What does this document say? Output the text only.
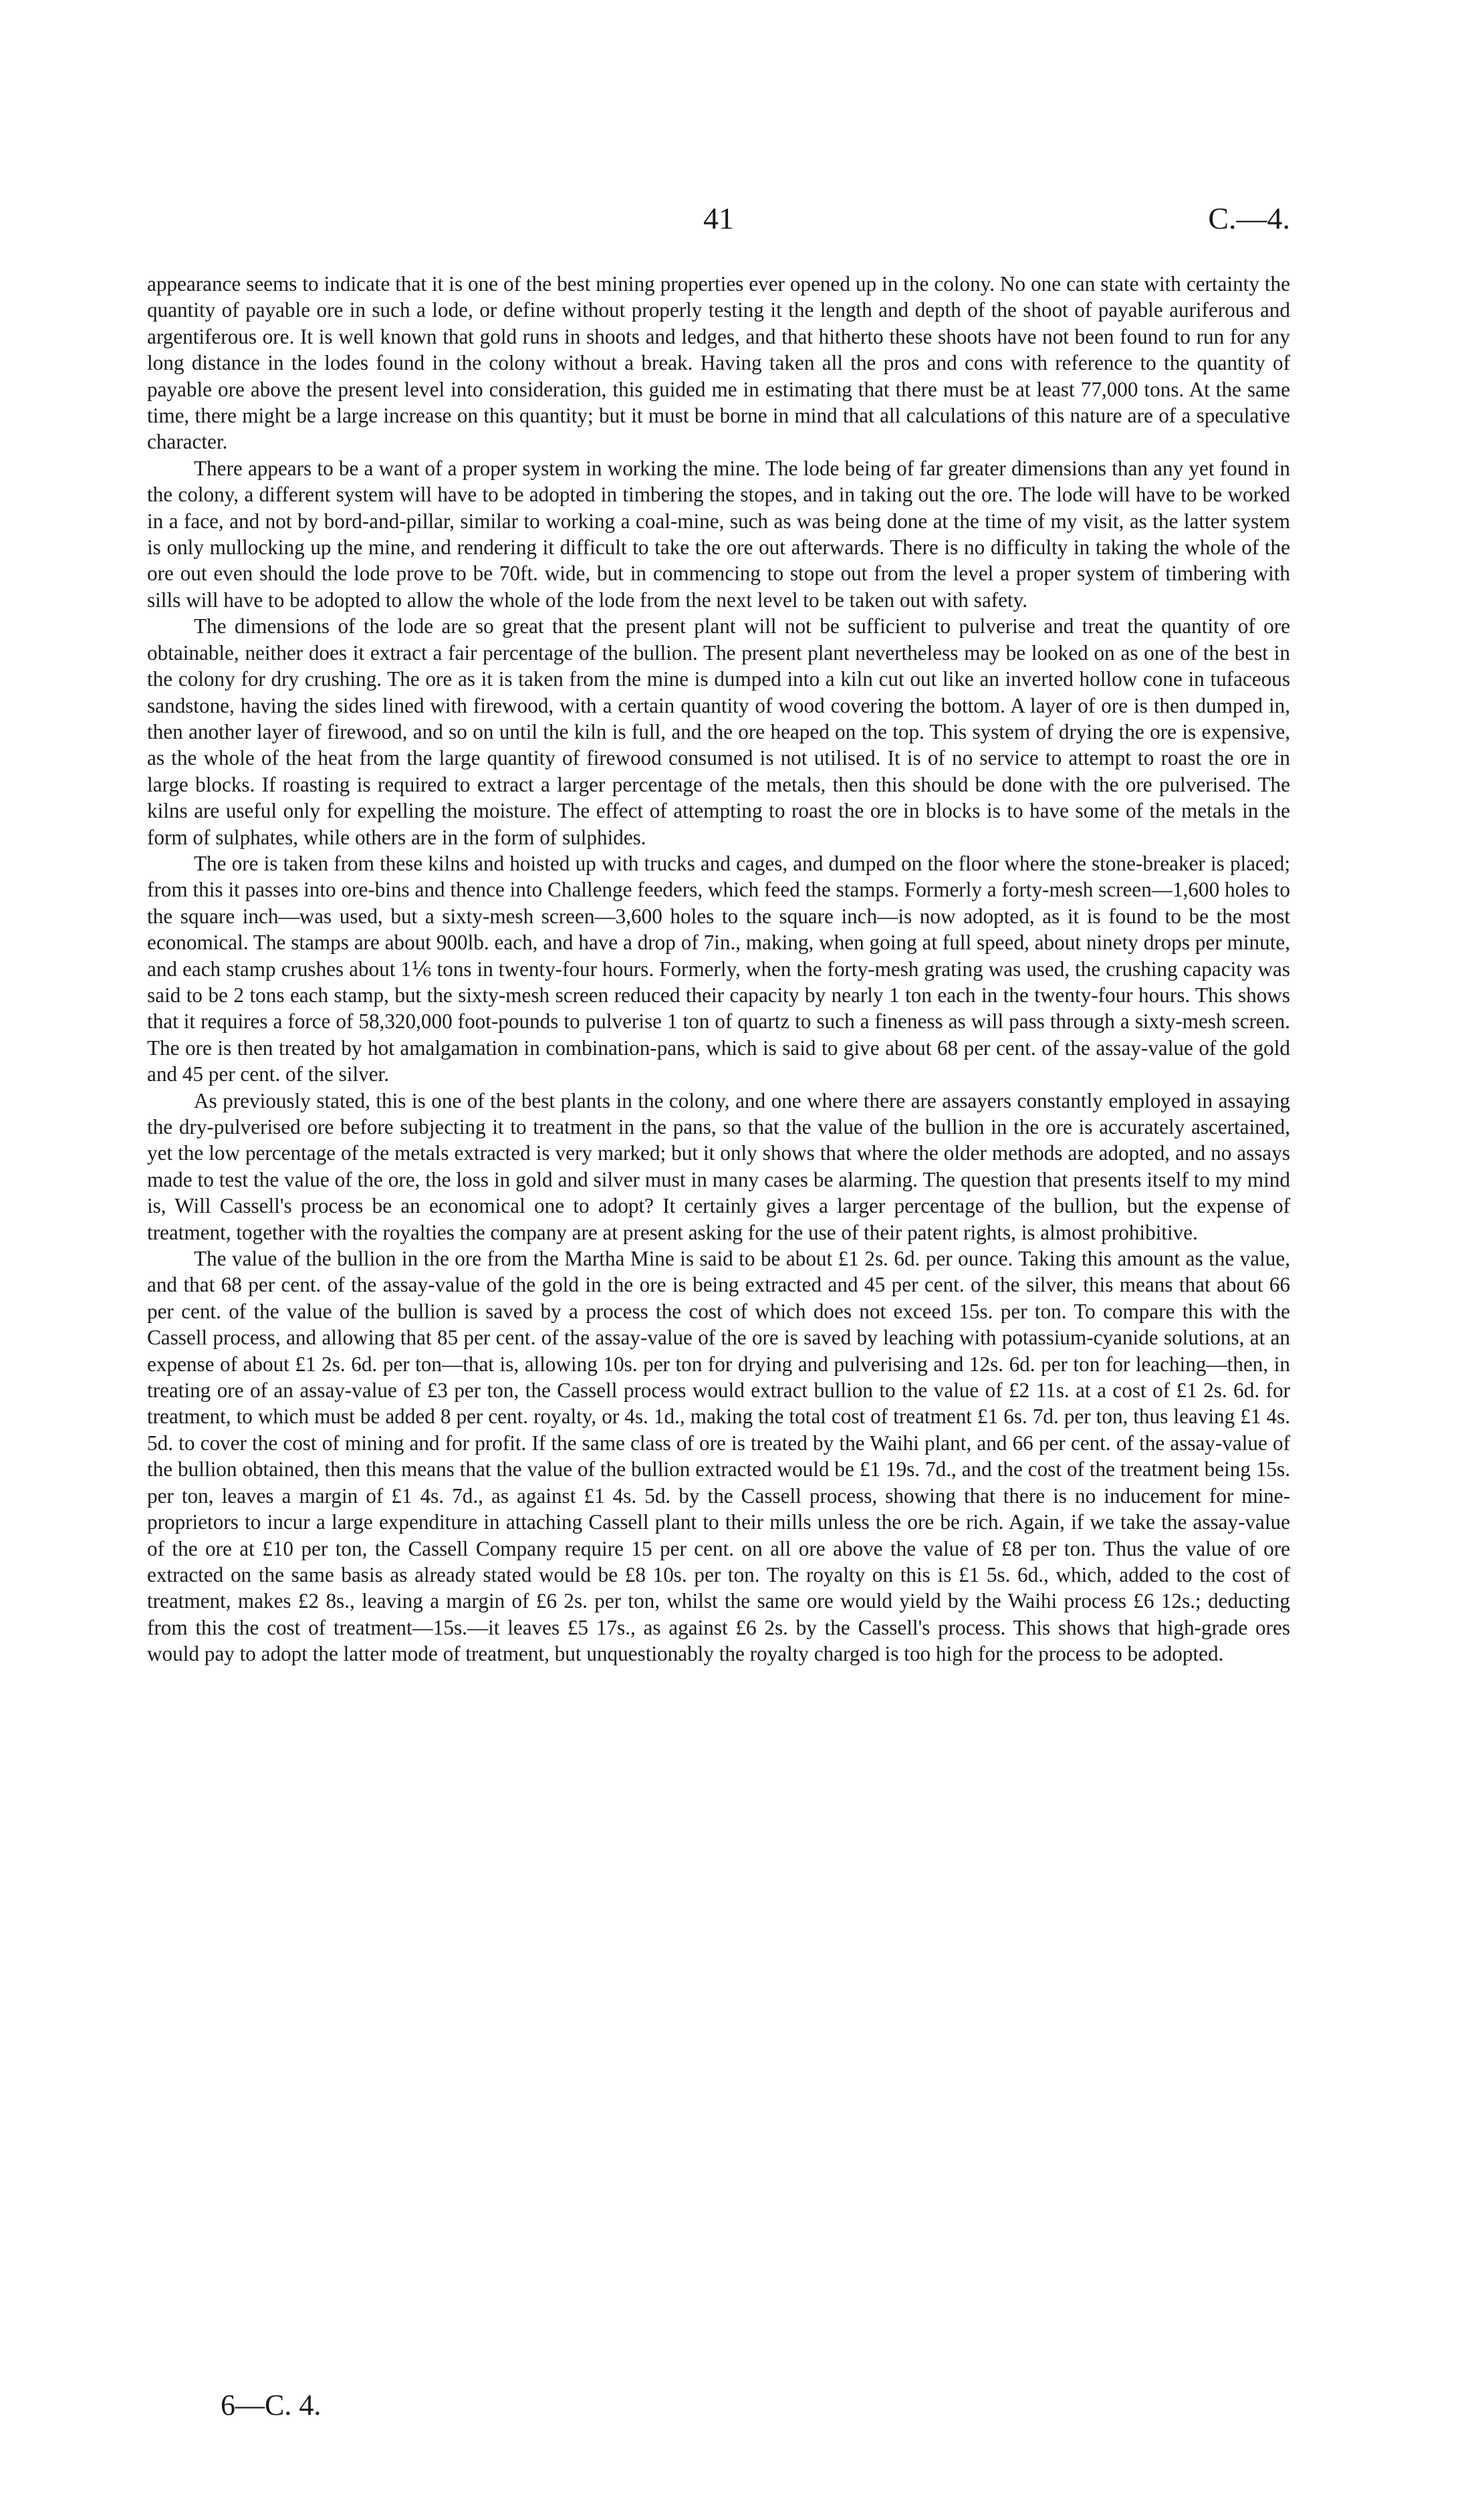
41	C.—4.

appearance seems to indicate that it is one of the best mining properties ever opened up in the colony. No one can state with certainty the quantity of payable ore in such a lode, or define without properly testing it the length and depth of the shoot of payable auriferous and argentiferous ore. It is well known that gold runs in shoots and ledges, and that hitherto these shoots have not been found to run for any long distance in the lodes found in the colony without a break. Having taken all the pros and cons with reference to the quantity of payable ore above the present level into consideration, this guided me in estimating that there must be at least 77,000 tons. At the same time, there might be a large increase on this quantity; but it must be borne in mind that all calculations of this nature are of a speculative character.

There appears to be a want of a proper system in working the mine. The lode being of far greater dimensions than any yet found in the colony, a different system will have to be adopted in timbering the stopes, and in taking out the ore. The lode will have to be worked in a face, and not by bord-and-pillar, similar to working a coal-mine, such as was being done at the time of my visit, as the latter system is only mullocking up the mine, and rendering it difficult to take the ore out afterwards. There is no difficulty in taking the whole of the ore out even should the lode prove to be 70ft. wide, but in commencing to stope out from the level a proper system of timbering with sills will have to be adopted to allow the whole of the lode from the next level to be taken out with safety.

The dimensions of the lode are so great that the present plant will not be sufficient to pulverise and treat the quantity of ore obtainable, neither does it extract a fair percentage of the bullion. The present plant nevertheless may be looked on as one of the best in the colony for dry crushing. The ore as it is taken from the mine is dumped into a kiln cut out like an inverted hollow cone in tufaceous sandstone, having the sides lined with firewood, with a certain quantity of wood covering the bottom. A layer of ore is then dumped in, then another layer of firewood, and so on until the kiln is full, and the ore heaped on the top. This system of drying the ore is expensive, as the whole of the heat from the large quantity of firewood consumed is not utilised. It is of no service to attempt to roast the ore in large blocks. If roasting is required to extract a larger percentage of the metals, then this should be done with the ore pulverised. The kilns are useful only for expelling the moisture. The effect of attempting to roast the ore in blocks is to have some of the metals in the form of sulphates, while others are in the form of sulphides.

The ore is taken from these kilns and hoisted up with trucks and cages, and dumped on the floor where the stone-breaker is placed; from this it passes into ore-bins and thence into Challenge feeders, which feed the stamps. Formerly a forty-mesh screen—1,600 holes to the square inch—was used, but a sixty-mesh screen—3,600 holes to the square inch—is now adopted, as it is found to be the most economical. The stamps are about 900lb. each, and have a drop of 7in., making, when going at full speed, about ninety drops per minute, and each stamp crushes about 1⅙ tons in twenty-four hours. Formerly, when the forty-mesh grating was used, the crushing capacity was said to be 2 tons each stamp, but the sixty-mesh screen reduced their capacity by nearly 1 ton each in the twenty-four hours. This shows that it requires a force of 58,320,000 foot-pounds to pulverise 1 ton of quartz to such a fineness as will pass through a sixty-mesh screen. The ore is then treated by hot amalgamation in combination-pans, which is said to give about 68 per cent. of the assay-value of the gold and 45 per cent. of the silver.

As previously stated, this is one of the best plants in the colony, and one where there are assayers constantly employed in assaying the dry-pulverised ore before subjecting it to treatment in the pans, so that the value of the bullion in the ore is accurately ascertained, yet the low percentage of the metals extracted is very marked; but it only shows that where the older methods are adopted, and no assays made to test the value of the ore, the loss in gold and silver must in many cases be alarming. The question that presents itself to my mind is, Will Cassell's process be an economical one to adopt? It certainly gives a larger percentage of the bullion, but the expense of treatment, together with the royalties the company are at present asking for the use of their patent rights, is almost prohibitive.

The value of the bullion in the ore from the Martha Mine is said to be about £1 2s. 6d. per ounce. Taking this amount as the value, and that 68 per cent. of the assay-value of the gold in the ore is being extracted and 45 per cent. of the silver, this means that about 66 per cent. of the value of the bullion is saved by a process the cost of which does not exceed 15s. per ton. To compare this with the Cassell process, and allowing that 85 per cent. of the assay-value of the ore is saved by leaching with potassium-cyanide solutions, at an expense of about £1 2s. 6d. per ton—that is, allowing 10s. per ton for drying and pulverising and 12s. 6d. per ton for leaching—then, in treating ore of an assay-value of £3 per ton, the Cassell process would extract bullion to the value of £2 11s. at a cost of £1 2s. 6d. for treatment, to which must be added 8 per cent. royalty, or 4s. 1d., making the total cost of treatment £1 6s. 7d. per ton, thus leaving £1 4s. 5d. to cover the cost of mining and for profit. If the same class of ore is treated by the Waihi plant, and 66 per cent. of the assay-value of the bullion obtained, then this means that the value of the bullion extracted would be £1 19s. 7d., and the cost of the treatment being 15s. per ton, leaves a margin of £1 4s. 7d., as against £1 4s. 5d. by the Cassell process, showing that there is no inducement for mine-proprietors to incur a large expenditure in attaching Cassell plant to their mills unless the ore be rich. Again, if we take the assay-value of the ore at £10 per ton, the Cassell Company require 15 per cent. on all ore above the value of £8 per ton. Thus the value of ore extracted on the same basis as already stated would be £8 10s. per ton. The royalty on this is £1 5s. 6d., which, added to the cost of treatment, makes £2 8s., leaving a margin of £6 2s. per ton, whilst the same ore would yield by the Waihi process £6 12s.; deducting from this the cost of treatment—15s.—it leaves £5 17s., as against £6 2s. by the Cassell's process. This shows that high-grade ores would pay to adopt the latter mode of treatment, but unquestionably the royalty charged is too high for the process to be adopted.

6—C. 4.
